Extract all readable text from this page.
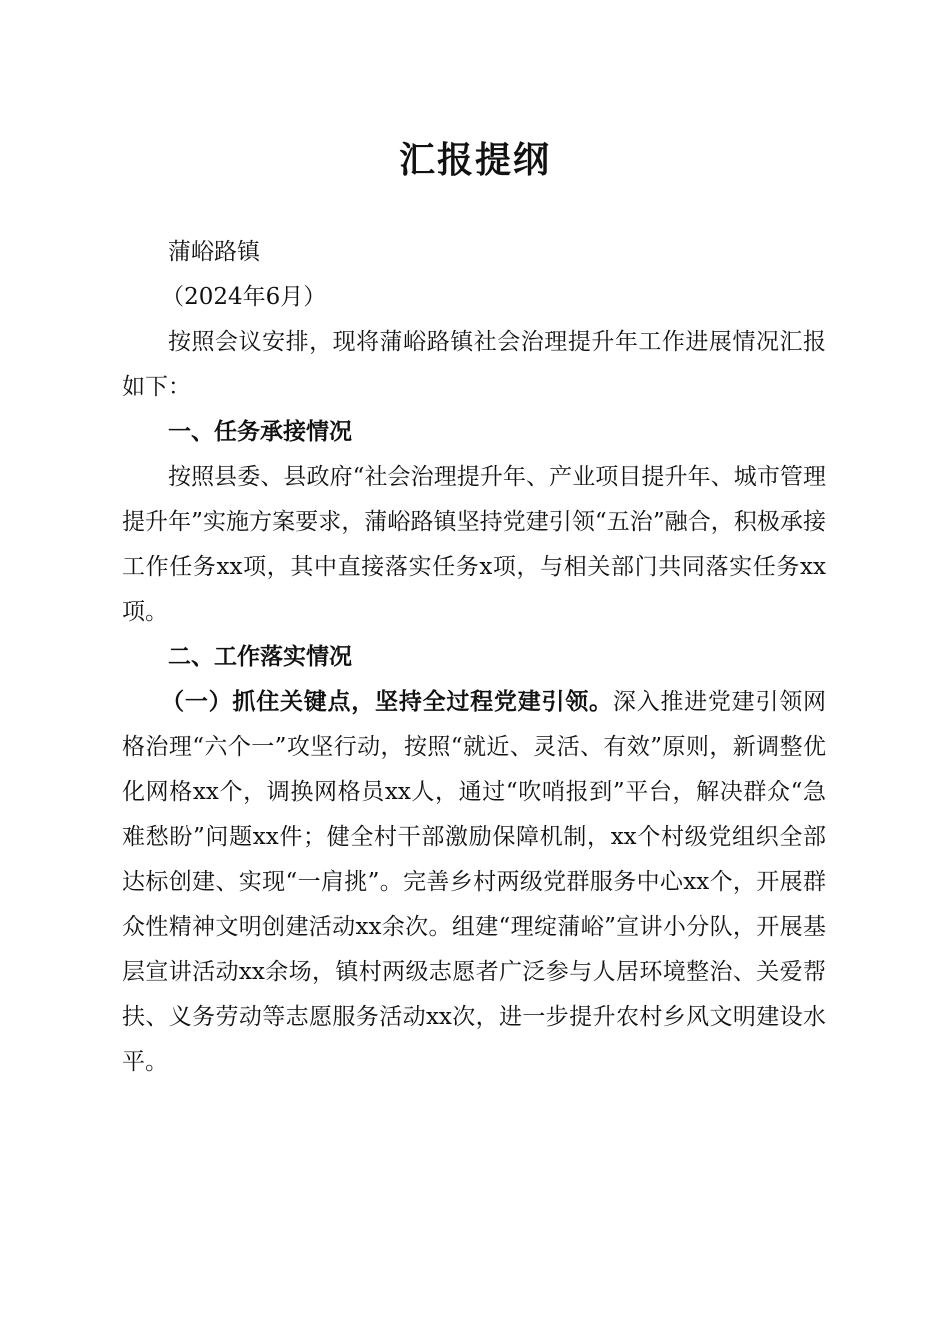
汇报提纲

蒲峪路镇

（2024年6月）

按照会议安排，现将蒲峪路镇社会治理提升年工作进展情况汇报如下：

一、任务承接情况

按照县委、县政府“社会治理提升年、产业项目提升年、城市管理提升年”实施方案要求，蒲峪路镇坚持党建引领“五治”融合，积极承接工作任务xx项，其中直接落实任务x项，与相关部门共同落实任务xx项。

二、工作落实情况

（一）抓住关键点，坚持全过程党建引领。深入推进党建引领网格治理“六个一”攻坚行动，按照“就近、灵活、有效”原则，新调整优化网格xx个，调换网格员xx人，通过“吹哨报到”平台，解决群众“急难愁盼”问题xx件；健全村干部激励保障机制，xx个村级党组织全部达标创建、实现“一肩挑”。完善乡村两级党群服务中心xx个，开展群众性精神文明创建活动xx余次。组建“理绽蒲峪”宣讲小分队，开展基层宣讲活动xx余场，镇村两级志愿者广泛参与人居环境整治、关爱帮扶、义务劳动等志愿服务活动xx次，进一步提升农村乡风文明建设水平。
